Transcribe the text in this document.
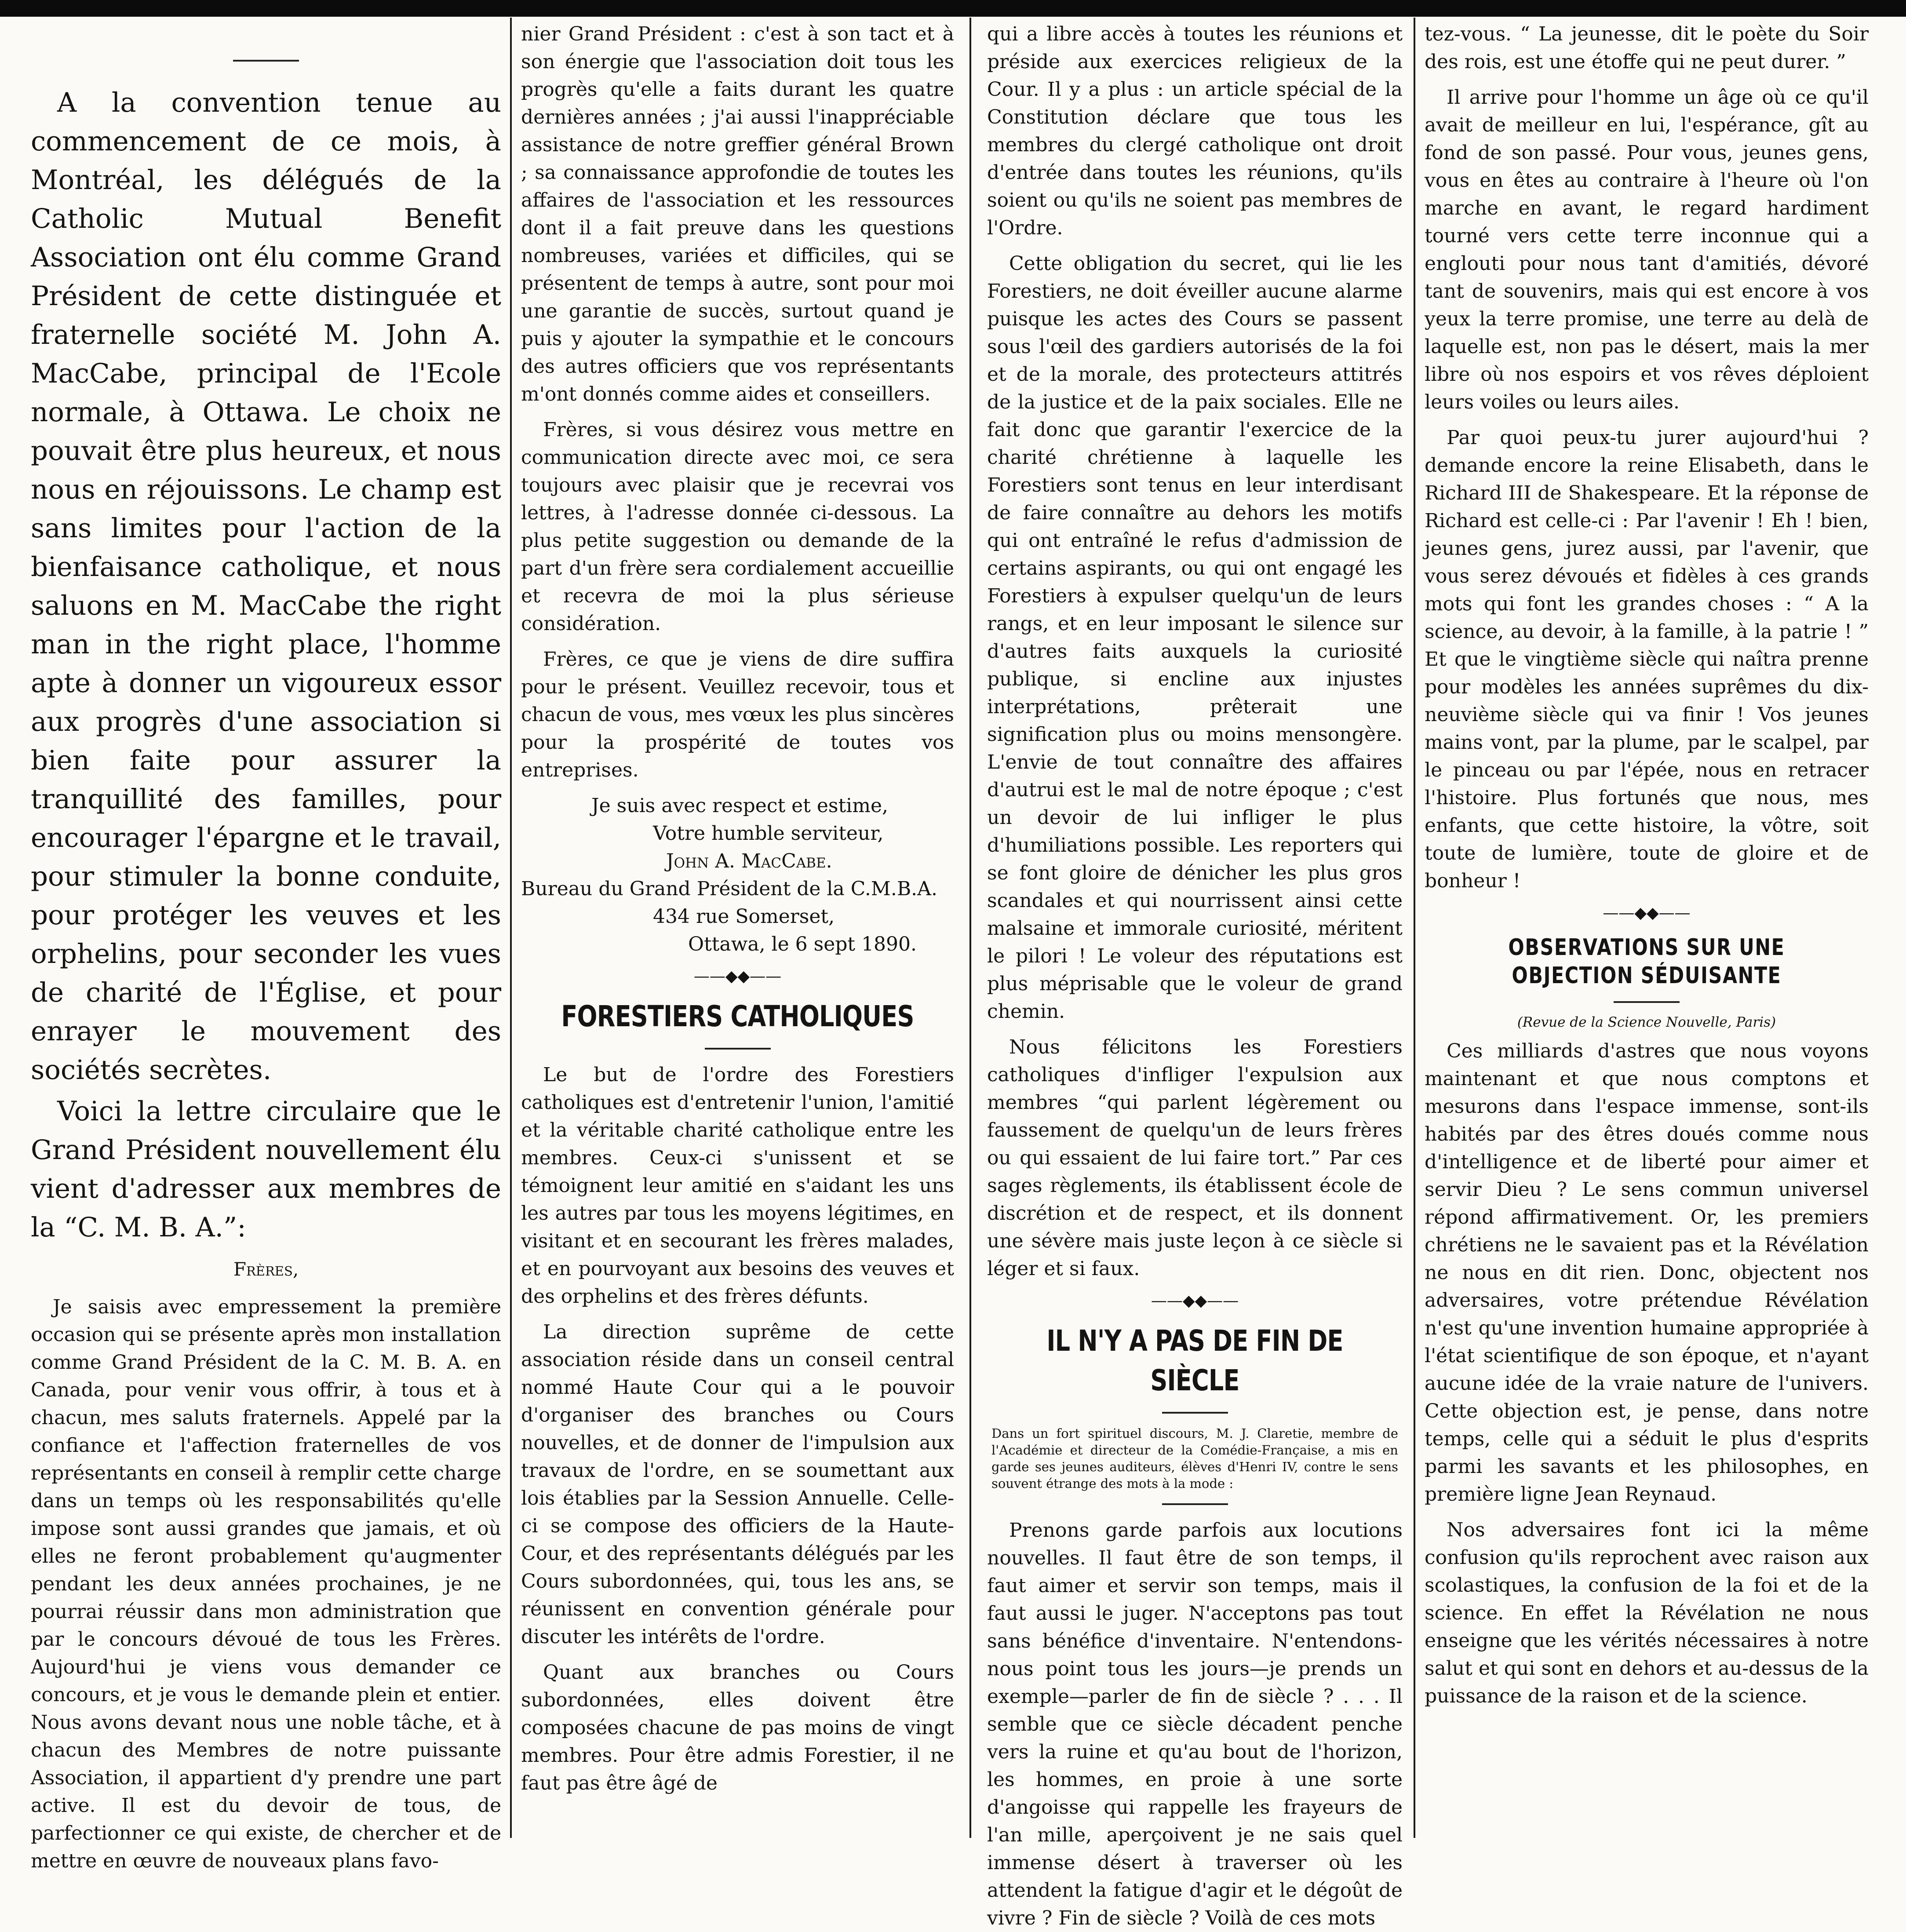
A la convention tenue au commencement de ce mois, à Montréal, les délégués de la Catholic Mutual Benefit Association ont élu comme Grand Président de cette distinguée et fraternelle société M. John A. MacCabe, principal de l'Ecole normale, à Ottawa. Le choix ne pouvait être plus heureux, et nous nous en réjouissons. Le champ est sans limites pour l'action de la bienfaisance catholique, et nous saluons en M. MacCabe the right man in the right place, l'homme apte à donner un vigoureux essor aux progrès d'une association si bien faite pour assurer la tranquillité des familles, pour encourager l'épargne et le travail, pour stimuler la bonne conduite, pour protéger les veuves et les orphelins, pour seconder les vues de charité de l'Église, et pour enrayer le mouvement des sociétés secrètes.

Voici la lettre circulaire que le Grand Président nouvellement élu vient d'adresser aux membres de la “C. M. B. A.”:

Frères,

Je saisis avec empressement la première occasion qui se présente après mon installation comme Grand Président de la C. M. B. A. en Canada, pour venir vous offrir, à tous et à chacun, mes saluts fraternels. Appelé par la confiance et l'affection fraternelles de vos représentants en conseil à remplir cette charge dans un temps où les responsabilités qu'elle impose sont aussi grandes que jamais, et où elles ne feront probablement qu'augmenter pendant les deux années prochaines, je ne pourrai réussir dans mon administration que par le concours dévoué de tous les Frères. Aujourd'hui je viens vous demander ce concours, et je vous le demande plein et entier. Nous avons devant nous une noble tâche, et à chacun des Membres de notre puissante Association, il appartient d'y prendre une part active. Il est du devoir de tous, de parfectionner ce qui existe, de chercher et de mettre en œuvre de nouveaux plans favo-

nier Grand Président : c'est à son tact et à son énergie que l'association doit tous les progrès qu'elle a faits durant les quatre dernières années ; j'ai aussi l'inappréciable assistance de notre greffier général Brown ; sa connaissance approfondie de toutes les affaires de l'association et les ressources dont il a fait preuve dans les questions nombreuses, variées et difficiles, qui se présentent de temps à autre, sont pour moi une garantie de succès, surtout quand je puis y ajouter la sympathie et le concours des autres officiers que vos représentants m'ont donnés comme aides et conseillers.

Frères, si vous désirez vous mettre en communication directe avec moi, ce sera toujours avec plaisir que je recevrai vos lettres, à l'adresse donnée ci-dessous. La plus petite suggestion ou demande de la part d'un frère sera cordialement accueillie et recevra de moi la plus sérieuse considération.

Frères, ce que je viens de dire suffira pour le présent. Veuillez recevoir, tous et chacun de vous, mes vœux les plus sincères pour la prospérité de toutes vos entreprises.

Je suis avec respect et estime,
Votre humble serviteur,
John A. MacCabe.
Bureau du Grand Président de la C.M.B.A.
434 rue Somerset,
Ottawa, le 6 sept 1890.
——◆◆——
FORESTIERS CATHOLIQUES

Le but de l'ordre des Forestiers catholiques est d'entretenir l'union, l'amitié et la véritable charité catholique entre les membres. Ceux-ci s'unissent et se témoignent leur amitié en s'aidant les uns les autres par tous les moyens légitimes, en visitant et en secourant les frères malades, et en pourvoyant aux besoins des veuves et des orphelins et des frères défunts.

La direction suprême de cette association réside dans un conseil central nommé Haute Cour qui a le pouvoir d'organiser des branches ou Cours nouvelles, et de donner de l'impulsion aux travaux de l'ordre, en se soumettant aux lois établies par la Session Annuelle. Celle-ci se compose des officiers de la Haute-Cour, et des représentants délégués par les Cours subordonnées, qui, tous les ans, se réunissent en convention générale pour discuter les intérêts de l'ordre.

Quant aux branches ou Cours subordonnées, elles doivent être composées chacune de pas moins de vingt membres. Pour être admis Forestier, il ne faut pas être âgé de

qui a libre accès à toutes les réunions et préside aux exercices religieux de la Cour. Il y a plus : un article spécial de la Constitution déclare que tous les membres du clergé catholique ont droit d'entrée dans toutes les réunions, qu'ils soient ou qu'ils ne soient pas membres de l'Ordre.

Cette obligation du secret, qui lie les Forestiers, ne doit éveiller aucune alarme puisque les actes des Cours se passent sous l'œil des gardiers autorisés de la foi et de la morale, des protecteurs attitrés de la justice et de la paix sociales. Elle ne fait donc que garantir l'exercice de la charité chrétienne à laquelle les Forestiers sont tenus en leur interdisant de faire connaître au dehors les motifs qui ont entraîné le refus d'admission de certains aspirants, ou qui ont engagé les Forestiers à expulser quelqu'un de leurs rangs, et en leur imposant le silence sur d'autres faits auxquels la curiosité publique, si encline aux injustes interprétations, prêterait une signification plus ou moins mensongère. L'envie de tout connaître des affaires d'autrui est le mal de notre époque ; c'est un devoir de lui infliger le plus d'humiliations possible. Les reporters qui se font gloire de dénicher les plus gros scandales et qui nourrissent ainsi cette malsaine et immorale curiosité, méritent le pilori ! Le voleur des réputations est plus méprisable que le voleur de grand chemin.

Nous félicitons les Forestiers catholiques d'infliger l'expulsion aux membres “qui parlent légèrement ou faussement de quelqu'un de leurs frères ou qui essaient de lui faire tort.” Par ces sages règlements, ils établissent école de discrétion et de respect, et ils donnent une sévère mais juste leçon à ce siècle si léger et si faux.

——◆◆——
IL N'Y A PAS DE FIN DE SIÈCLE

Dans un fort spirituel discours, M. J. Claretie, membre de l'Académie et directeur de la Comédie-Française, a mis en garde ses jeunes auditeurs, élèves d'Henri IV, contre le sens souvent étrange des mots à la mode :

Prenons garde parfois aux locutions nouvelles. Il faut être de son temps, il faut aimer et servir son temps, mais il faut aussi le juger. N'acceptons pas tout sans bénéfice d'inventaire. N'entendons-nous point tous les jours—je prends un exemple—parler de fin de siècle ? . . . Il semble que ce siècle décadent penche vers la ruine et qu'au bout de l'horizon, les hommes, en proie à une sorte d'angoisse qui rappelle les frayeurs de l'an mille, aperçoivent je ne sais quel immense désert à traverser où les attendent la fatigue d'agir et le dégoût de vivre ? Fin de siècle ? Voilà de ces mots

tez-vous. “ La jeunesse, dit le poète du Soir des rois, est une étoffe qui ne peut durer. ”

Il arrive pour l'homme un âge où ce qu'il avait de meilleur en lui, l'espérance, gît au fond de son passé. Pour vous, jeunes gens, vous en êtes au contraire à l'heure où l'on marche en avant, le regard hardiment tourné vers cette terre inconnue qui a englouti pour nous tant d'amitiés, dévoré tant de souvenirs, mais qui est encore à vos yeux la terre promise, une terre au delà de laquelle est, non pas le désert, mais la mer libre où nos espoirs et vos rêves déploient leurs voiles ou leurs ailes.

Par quoi peux-tu jurer aujourd'hui ? demande encore la reine Elisabeth, dans le Richard III de Shakespeare. Et la réponse de Richard est celle-ci : Par l'avenir ! Eh ! bien, jeunes gens, jurez aussi, par l'avenir, que vous serez dévoués et fidèles à ces grands mots qui font les grandes choses : “ A la science, au devoir, à la famille, à la patrie ! ” Et que le vingtième siècle qui naîtra prenne pour modèles les années suprêmes du dix-neuvième siècle qui va finir ! Vos jeunes mains vont, par la plume, par le scalpel, par le pinceau ou par l'épée, nous en retracer l'histoire. Plus fortunés que nous, mes enfants, que cette histoire, la vôtre, soit toute de lumière, toute de gloire et de bonheur !

——◆◆——
OBSERVATIONS SUR UNE
OBJECTION SÉDUISANTE

(Revue de la Science Nouvelle, Paris)

Ces milliards d'astres que nous voyons maintenant et que nous comptons et mesurons dans l'espace immense, sont-ils habités par des êtres doués comme nous d'intelligence et de liberté pour aimer et servir Dieu ? Le sens commun universel répond affirmativement. Or, les premiers chrétiens ne le savaient pas et la Révélation ne nous en dit rien. Donc, objectent nos adversaires, votre prétendue Révélation n'est qu'une invention humaine appropriée à l'état scientifique de son époque, et n'ayant aucune idée de la vraie nature de l'univers. Cette objection est, je pense, dans notre temps, celle qui a séduit le plus d'esprits parmi les savants et les philosophes, en première ligne Jean Reynaud.

Nos adversaires font ici la même confusion qu'ils reprochent avec raison aux scolastiques, la confusion de la foi et de la science. En effet la Révélation ne nous enseigne que les vérités nécessaires à notre salut et qui sont en dehors et au-dessus de la puissance de la raison et de la science.
